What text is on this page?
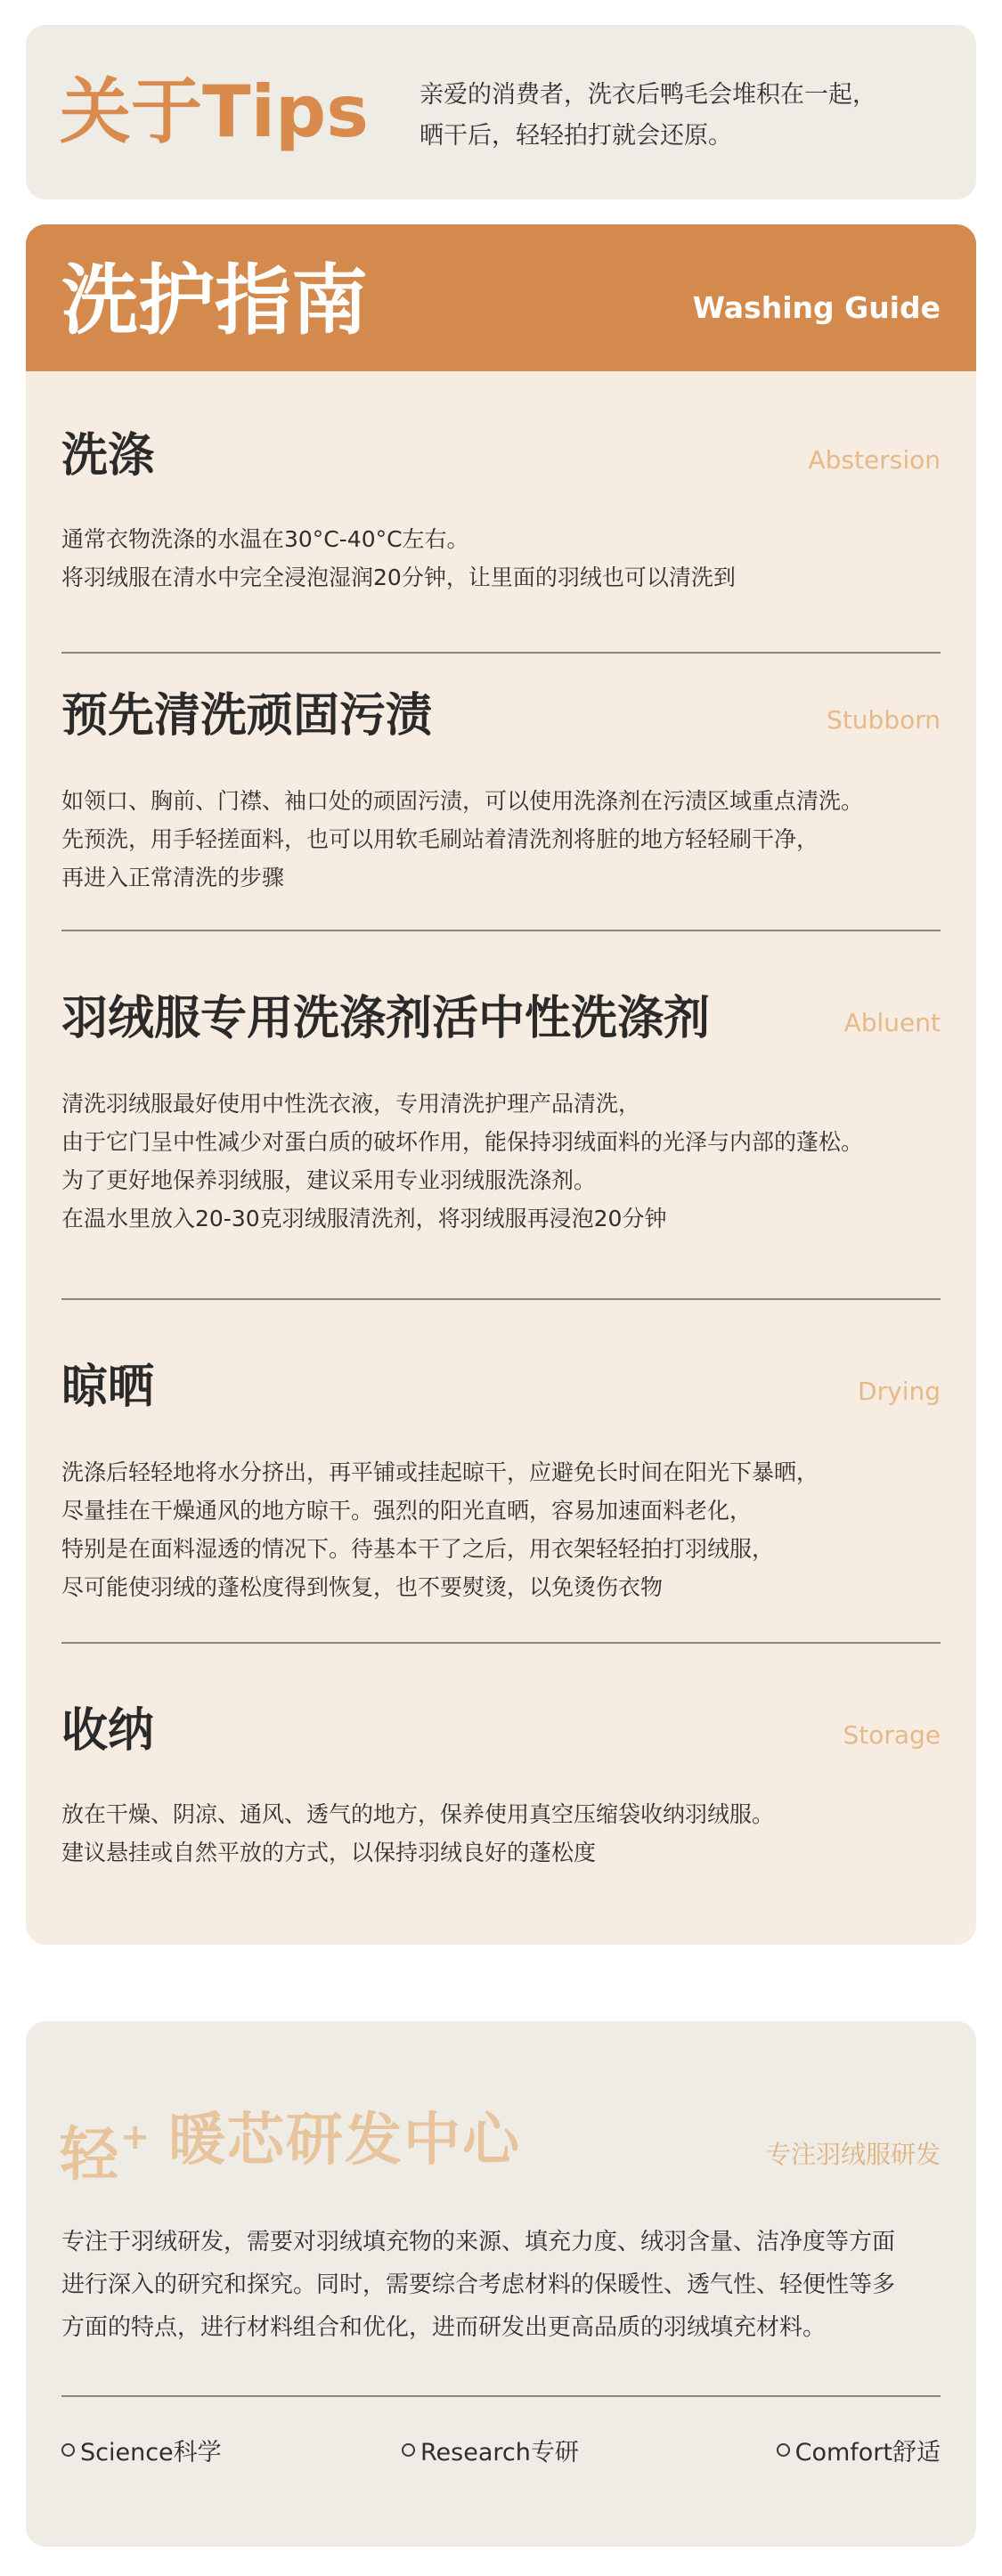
关于Tips 亲爱的消费者，洗衣后鸭毛会堆积在一起，
晒干后，轻轻拍打就会还原。
洗护指南	Washing Guide
洗涤	Abstersion
通常衣物洗涤的水温在30°C-40°C左右。
将羽绒服在清水中完全浸泡湿润20分钟，让里面的羽绒也可以清洗到
预先清洗顽固污渍	Stubborn
如领口、胸前、门襟、袖口处的顽固污渍，可以使用洗涤剂在污渍区域重点清洗。
先预洗，用手轻搓面料，也可以用软毛刷站着清洗剂将脏的地方轻轻刷干净，
再进入正常清洗的步骤
羽绒服专用洗涤剂活中性洗涤剂	Abluent
清洗羽绒服最好使用中性洗衣液，专用清洗护理产品清洗，
由于它门呈中性减少对蛋白质的破坏作用，能保持羽绒面料的光泽与内部的蓬松。
为了更好地保养羽绒服，建议采用专业羽绒服洗涤剂。
在温水里放入20-30克羽绒服清洗剂，将羽绒服再浸泡20分钟
晾晒	Drying
洗涤后轻轻地将水分挤出，再平铺或挂起晾干，应避免长时间在阳光下暴晒，
尽量挂在干燥通风的地方晾干。强烈的阳光直晒，容易加速面料老化，
特别是在面料湿透的情况下。待基本干了之后，用衣架轻轻拍打羽绒服，
尽可能使羽绒的蓬松度得到恢复，也不要熨烫，以免烫伤衣物
收纳	Storage
放在干燥、阴凉、通风、透气的地方，保养使用真空压缩袋收纳羽绒服。
建议悬挂或自然平放的方式，以保持羽绒良好的蓬松度
轻+ 暖芯研发中心	专注羽绒服研发
专注于羽绒研发，需要对羽绒填充物的来源、填充力度、绒羽含量、洁净度等方面
进行深入的研究和探究。同时，需要综合考虑材料的保暖性、透气性、轻便性等多
方面的特点，进行材料组合和优化，进而研发出更高品质的羽绒填充材料。
Science科学	Research专研	Comfort舒适
